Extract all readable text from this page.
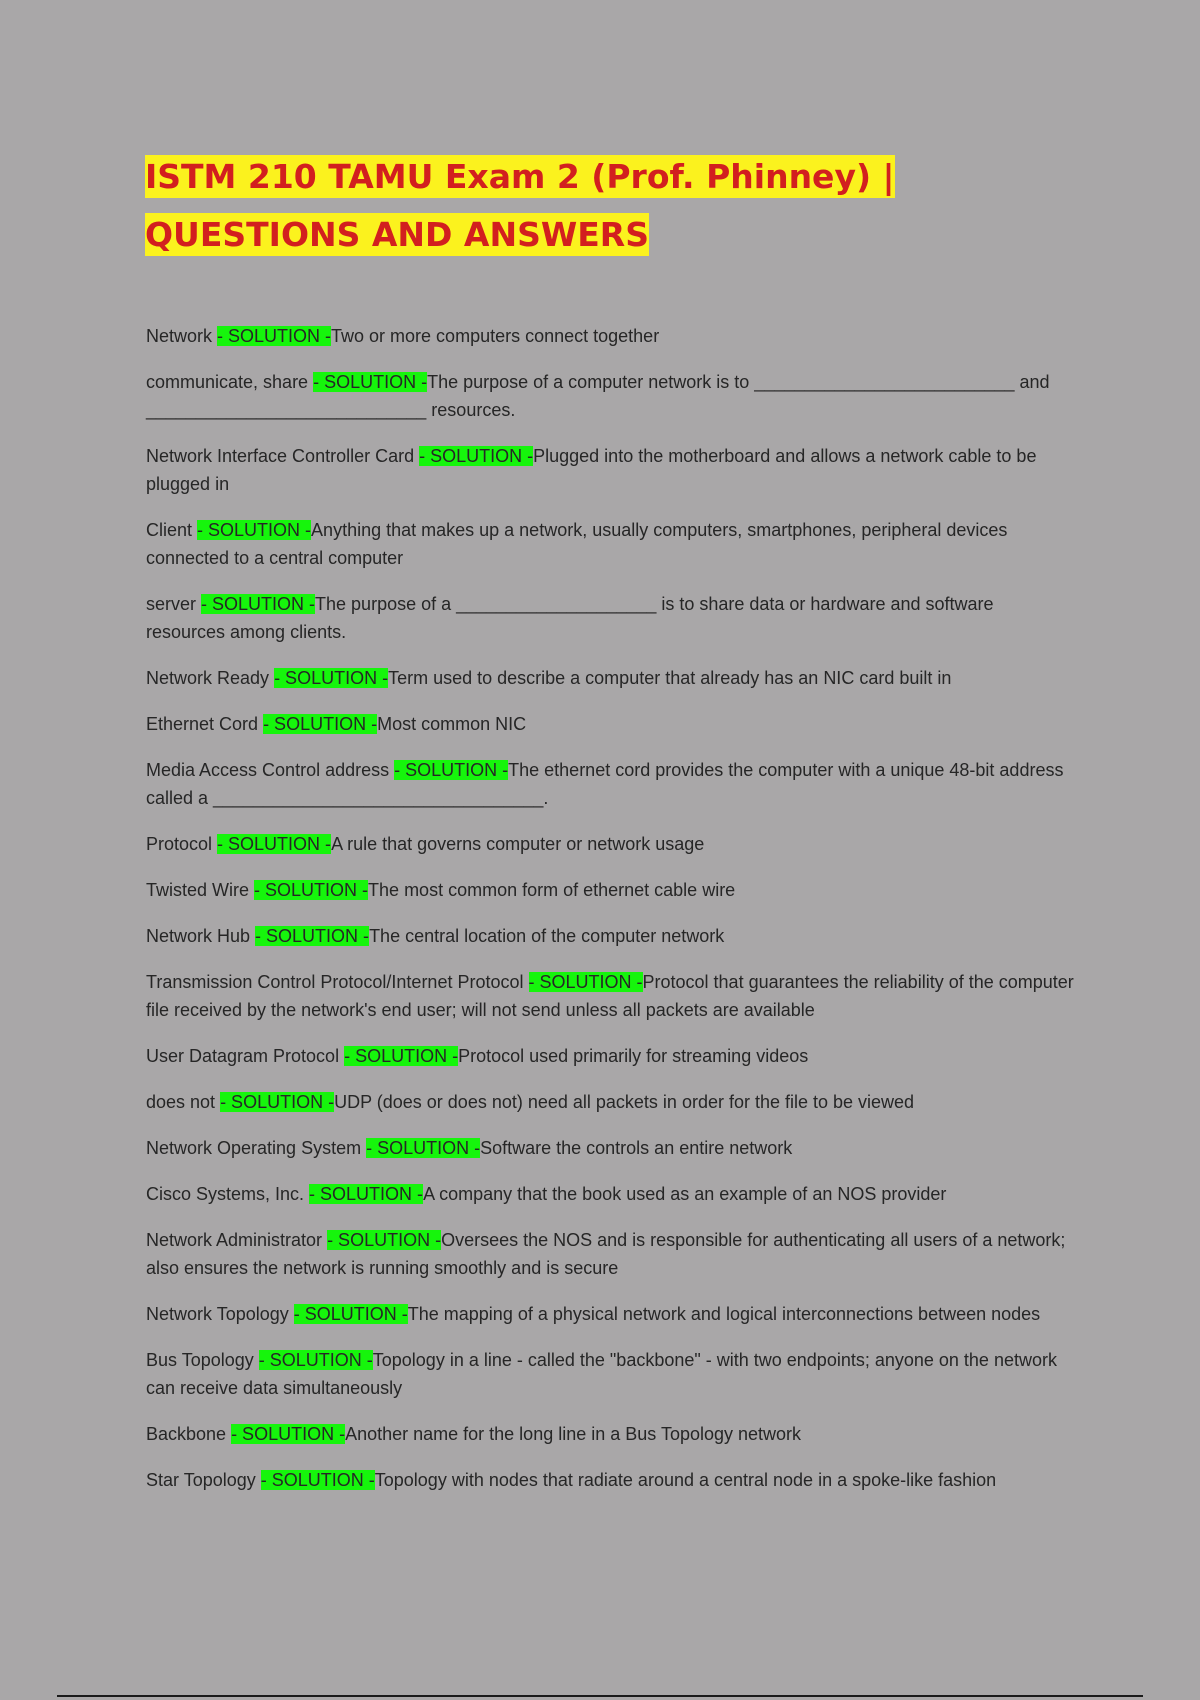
ISTM 210 TAMU Exam 2 (Prof. Phinney) |
QUESTIONS AND ANSWERS

Network - SOLUTION -Two or more computers connect together

communicate, share - SOLUTION -The purpose of a computer network is to __________________________ and ____________________________ resources.

Network Interface Controller Card - SOLUTION -Plugged into the motherboard and allows a network cable to be plugged in

Client - SOLUTION -Anything that makes up a network, usually computers, smartphones, peripheral devices connected to a central computer

server - SOLUTION -The purpose of a ____________________ is to share data or hardware and software resources among clients.

Network Ready - SOLUTION -Term used to describe a computer that already has an NIC card built in

Ethernet Cord - SOLUTION -Most common NIC

Media Access Control address - SOLUTION -The ethernet cord provides the computer with a unique 48-bit address called a _________________________________.

Protocol - SOLUTION -A rule that governs computer or network usage

Twisted Wire - SOLUTION -The most common form of ethernet cable wire

Network Hub - SOLUTION -The central location of the computer network

Transmission Control Protocol/Internet Protocol - SOLUTION -Protocol that guarantees the reliability of the computer file received by the network's end user; will not send unless all packets are available

User Datagram Protocol - SOLUTION -Protocol used primarily for streaming videos

does not - SOLUTION -UDP (does or does not) need all packets in order for the file to be viewed

Network Operating System - SOLUTION -Software the controls an entire network

Cisco Systems, Inc. - SOLUTION -A company that the book used as an example of an NOS provider

Network Administrator - SOLUTION -Oversees the NOS and is responsible for authenticating all users of a network; also ensures the network is running smoothly and is secure

Network Topology - SOLUTION -The mapping of a physical network and logical interconnections between nodes

Bus Topology - SOLUTION -Topology in a line - called the "backbone" - with two endpoints; anyone on the network can receive data simultaneously

Backbone - SOLUTION -Another name for the long line in a Bus Topology network

Star Topology - SOLUTION -Topology with nodes that radiate around a central node in a spoke-like fashion
